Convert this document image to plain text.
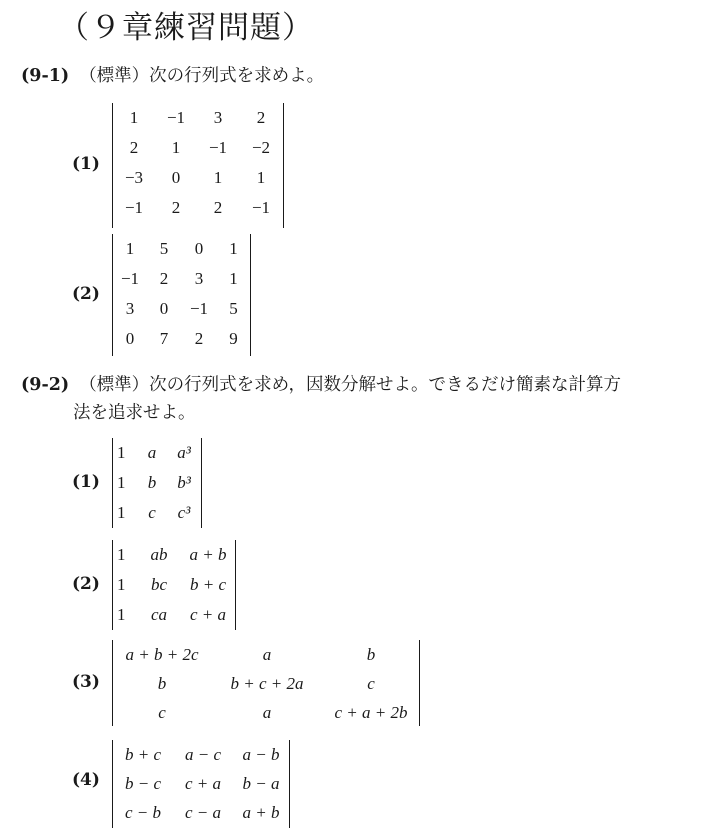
（９章練習問題）
(9-1) （標準）次の行列式を求めよ。
(1)
1	−1	3	2
2	1	−1	−2
−3	0	1	1
−1	2	2	−1
(2)
1	5	0	1
−1	2	3	1
3	0	−1	5
0	7	2	9
(9-2) （標準）次の行列式を求め，因数分解せよ。できるだけ簡素な計算方
法を追求せよ。
(1)
1	a	a³
1	b	b³
1	c	c³
(2)
1	ab	a + b
1	bc	b + c
1	ca	c + a
(3)
a + b + 2c	a	b
b	b + c + 2a	c
c	a	c + a + 2b
(4)
b + c	a − c	a − b
b − c	c + a	b − a
c − b	c − a	a + b
